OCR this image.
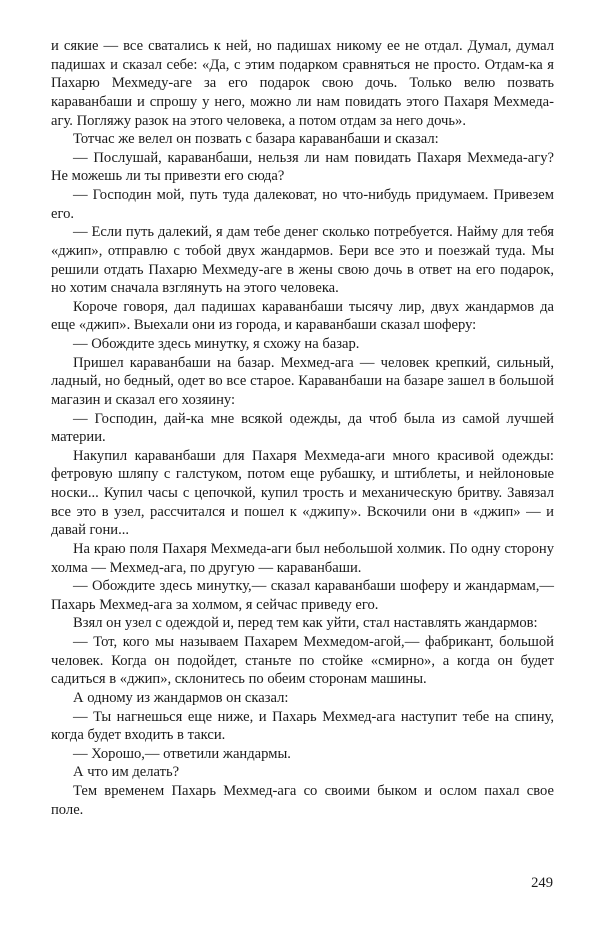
и сякие — все сватались к ней, но падишах никому ее не отдал. Думал, думал падишах и сказал себе: «Да, с этим подарком сравняться не просто. Отдам-ка я Пахарю Мехмеду-аге за его подарок свою дочь. Только велю позвать караванбаши и спрошу у него, можно ли нам повидать этого Пахаря Мехмеда-агу. Погляжу разок на этого человека, а потом отдам за него дочь».

Тотчас же велел он позвать с базара караванбаши и сказал:

— Послушай, караванбаши, нельзя ли нам повидать Пахаря Мехмеда-агу? Не можешь ли ты привезти его сюда?

— Господин мой, путь туда далековат, но что-нибудь придумаем. Привезем его.

— Если путь далекий, я дам тебе денег сколько потребуется. Найму для тебя «джип», отправлю с тобой двух жандармов. Бери все это и поезжай туда. Мы решили отдать Пахарю Мехмеду-аге в жены свою дочь в ответ на его подарок, но хотим сначала взглянуть на этого человека.

Короче говоря, дал падишах караванбаши тысячу лир, двух жандармов да еще «джип». Выехали они из города, и караванбаши сказал шоферу:

— Обождите здесь минутку, я схожу на базар.

Пришел караванбаши на базар. Мехмед-ага — человек крепкий, сильный, ладный, но бедный, одет во все старое. Караванбаши на базаре зашел в большой магазин и сказал его хозяину:

— Господин, дай-ка мне всякой одежды, да чтоб была из самой лучшей материи.

Накупил караванбаши для Пахаря Мехмеда-аги много красивой одежды: фетровую шляпу с галстуком, потом еще рубашку, и штиблеты, и нейлоновые носки... Купил часы с цепочкой, купил трость и механическую бритву. Завязал все это в узел, рассчитался и пошел к «джипу». Вскочили они в «джип» — и давай гони...

На краю поля Пахаря Мехмеда-аги был небольшой холмик. По одну сторону холма — Мехмед-ага, по другую — караванбаши.

— Обождите здесь минутку,— сказал караванбаши шоферу и жандармам,— Пахарь Мехмед-ага за холмом, я сейчас приведу его.

Взял он узел с одеждой и, перед тем как уйти, стал наставлять жандармов:

— Тот, кого мы называем Пахарем Мехмедом-агой,— фабрикант, большой человек. Когда он подойдет, станьте по стойке «смирно», а когда он будет садиться в «джип», склонитесь по обеим сторонам машины.

А одному из жандармов он сказал:

— Ты нагнешься еще ниже, и Пахарь Мехмед-ага наступит тебе на спину, когда будет входить в такси.

— Хорошо,— ответили жандармы.

А что им делать?

Тем временем Пахарь Мехмед-ага со своими быком и ослом пахал свое поле.

249
